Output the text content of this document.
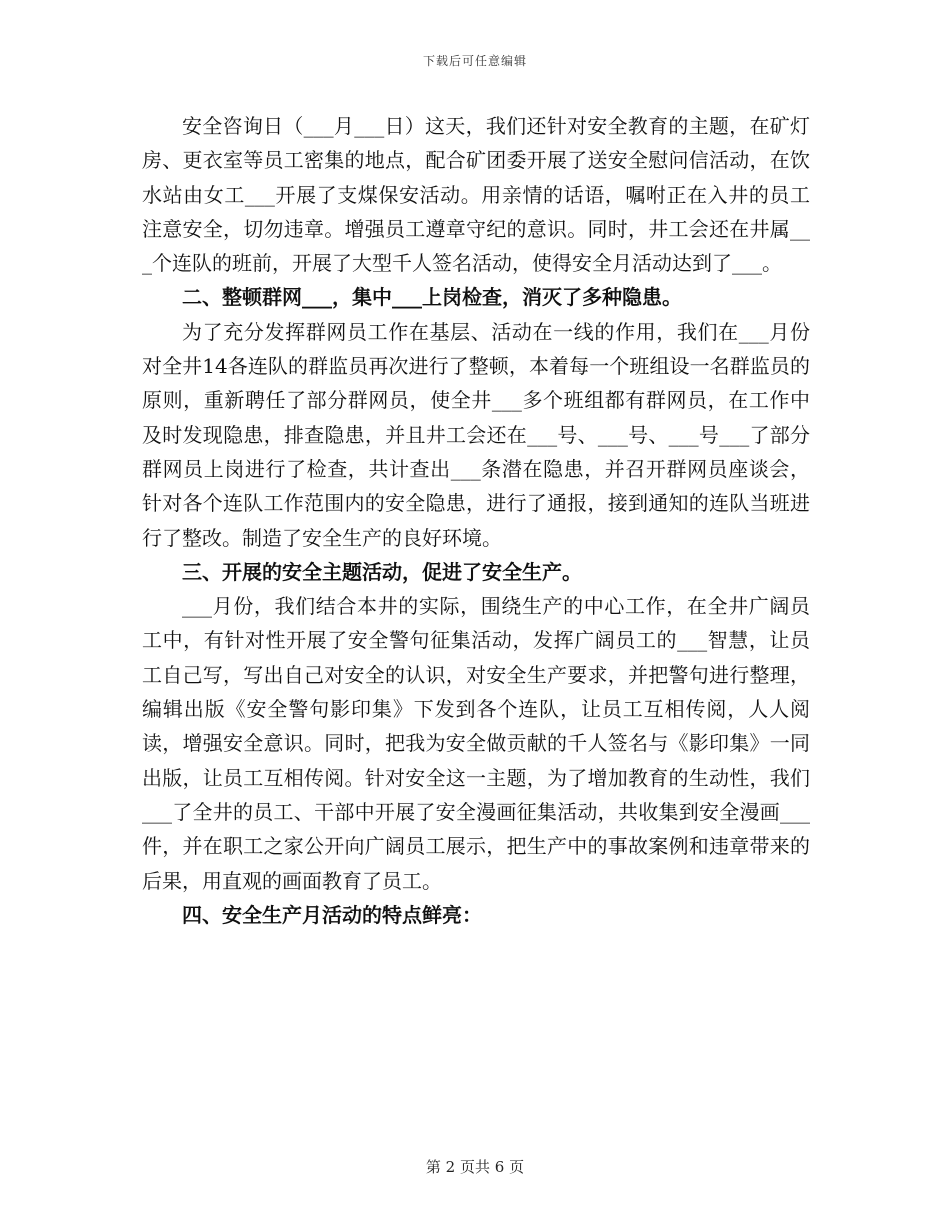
下载后可任意编辑

安全咨询日（___月___日）这天，我们还针对安全教育的主题，在矿灯房、更衣室等员工密集的地点，配合矿团委开展了送安全慰问信活动，在饮水站由女工___开展了支煤保安活动。用亲情的话语，嘱咐正在入井的员工注意安全，切勿违章。增强员工遵章守纪的意识。同时，井工会还在井属___个连队的班前，开展了大型千人签名活动，使得安全月活动达到了___。

二、整顿群网___，集中___上岗检查，消灭了多种隐患。

为了充分发挥群网员工作在基层、活动在一线的作用，我们在___月份对全井14各连队的群监员再次进行了整顿，本着每一个班组设一名群监员的原则，重新聘任了部分群网员，使全井___多个班组都有群网员，在工作中及时发现隐患，排查隐患，并且井工会还在___号、___号、___号___了部分群网员上岗进行了检查，共计查出___条潜在隐患，并召开群网员座谈会，针对各个连队工作范围内的安全隐患，进行了通报，接到通知的连队当班进行了整改。制造了安全生产的良好环境。

三、开展的安全主题活动，促进了安全生产。

___月份，我们结合本井的实际，围绕生产的中心工作，在全井广阔员工中，有针对性开展了安全警句征集活动，发挥广阔员工的___智慧，让员工自己写，写出自己对安全的认识，对安全生产要求，并把警句进行整理，编辑出版《安全警句影印集》下发到各个连队，让员工互相传阅，人人阅读，增强安全意识。同时，把我为安全做贡献的千人签名与《影印集》一同出版，让员工互相传阅。针对安全这一主题，为了增加教育的生动性，我们___了全井的员工、干部中开展了安全漫画征集活动，共收集到安全漫画___件，并在职工之家公开向广阔员工展示，把生产中的事故案例和违章带来的后果，用直观的画面教育了员工。

四、安全生产月活动的特点鲜亮：

第 2 页共 6 页
